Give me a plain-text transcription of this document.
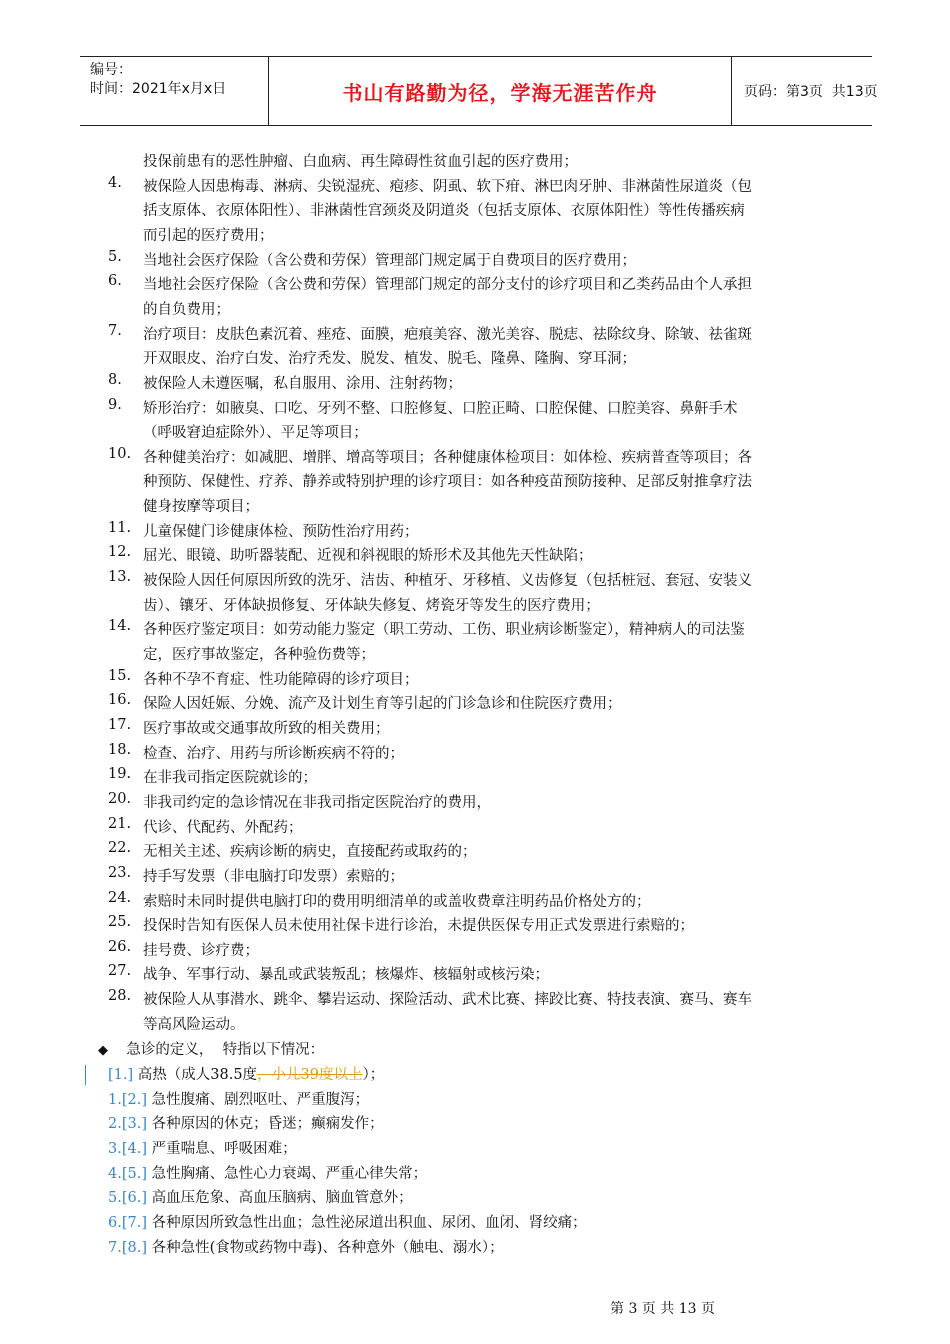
编号：
时间：2021年x月x日	书山有路勤为径，学海无涯苦作舟	页码：第3页  共13页
投保前患有的恶性肿瘤、白血病、再生障碍性贫血引起的医疗费用；
4. 被保险人因患梅毒、淋病、尖锐湿疣、疱疹、阴虱、软下疳、淋巴肉牙肿、非淋菌性尿道炎（包
括支原体、衣原体阳性）、非淋菌性宫颈炎及阴道炎（包括支原体、衣原体阳性）等性传播疾病
而引起的医疗费用；
5. 当地社会医疗保险（含公费和劳保）管理部门规定属于自费项目的医疗费用；
6. 当地社会医疗保险（含公费和劳保）管理部门规定的部分支付的诊疗项目和乙类药品由个人承担
的自负费用；
7. 治疗项目：皮肤色素沉着、痤疮、面膜，疤痕美容、激光美容、脱痣、祛除纹身、除皱、祛雀斑
开双眼皮、治疗白发、治疗秃发、脱发、植发、脱毛、隆鼻、隆胸、穿耳洞；
8. 被保险人未遵医嘱，私自服用、涂用、注射药物；
9. 矫形治疗：如腋臭、口吃、牙列不整、口腔修复、口腔正畸、口腔保健、口腔美容、鼻鼾手术
（呼吸窘迫症除外）、平足等项目；
10. 各种健美治疗：如减肥、增胖、增高等项目；各种健康体检项目：如体检、疾病普查等项目；各
种预防、保健性、疗养、静养或特别护理的诊疗项目：如各种疫苗预防接种、足部反射推拿疗法
健身按摩等项目；
11. 儿童保健门诊健康体检、预防性治疗用药；
12. 屈光、眼镜、助听器装配、近视和斜视眼的矫形术及其他先天性缺陷；
13. 被保险人因任何原因所致的洗牙、洁齿、种植牙、牙移植、义齿修复（包括桩冠、套冠、安装义
齿）、镶牙、牙体缺损修复、牙体缺失修复、烤瓷牙等发生的医疗费用；
14. 各种医疗鉴定项目：如劳动能力鉴定（职工劳动、工伤、职业病诊断鉴定），精神病人的司法鉴
定，医疗事故鉴定，各种验伤费等；
15. 各种不孕不育症、性功能障碍的诊疗项目；
16. 保险人因妊娠、分娩、流产及计划生育等引起的门诊急诊和住院医疗费用；
17. 医疗事故或交通事故所致的相关费用；
18. 检查、治疗、用药与所诊断疾病不符的；
19. 在非我司指定医院就诊的；
20. 非我司约定的急诊情况在非我司指定医院治疗的费用，
21. 代诊、代配药、外配药；
22. 无相关主述、疾病诊断的病史，直接配药或取药的；
23. 持手写发票（非电脑打印发票）索赔的；
24. 索赔时未同时提供电脑打印的费用明细清单的或盖收费章注明药品价格处方的；
25. 投保时告知有医保人员未使用社保卡进行诊治，未提供医保专用正式发票进行索赔的；
26. 挂号费、诊疗费；
27. 战争、军事行动、暴乱或武装叛乱；核爆炸、核辐射或核污染；
28. 被保险人从事潜水、跳伞、攀岩运动、探险活动、武术比赛、摔跤比赛、特技表演、赛马、赛车
等高风险运动。
◆    急诊的定义，  特指以下情况：
[1.] 高热（成人38.5度，小儿39度以上）；
1.[2.] 急性腹痛、剧烈呕吐、严重腹泻；
2.[3.] 各种原因的休克；昏迷；癫痫发作；
3.[4.] 严重喘息、呼吸困难；
4.[5.] 急性胸痛、急性心力衰竭、严重心律失常；
5.[6.] 高血压危象、高血压脑病、脑血管意外；
6.[7.] 各种原因所致急性出血；急性泌尿道出积血、尿闭、血闭、肾绞痛；
7.[8.] 各种急性(食物或药物中毒)、各种意外（触电、溺水）；
第 3 页 共 13 页
